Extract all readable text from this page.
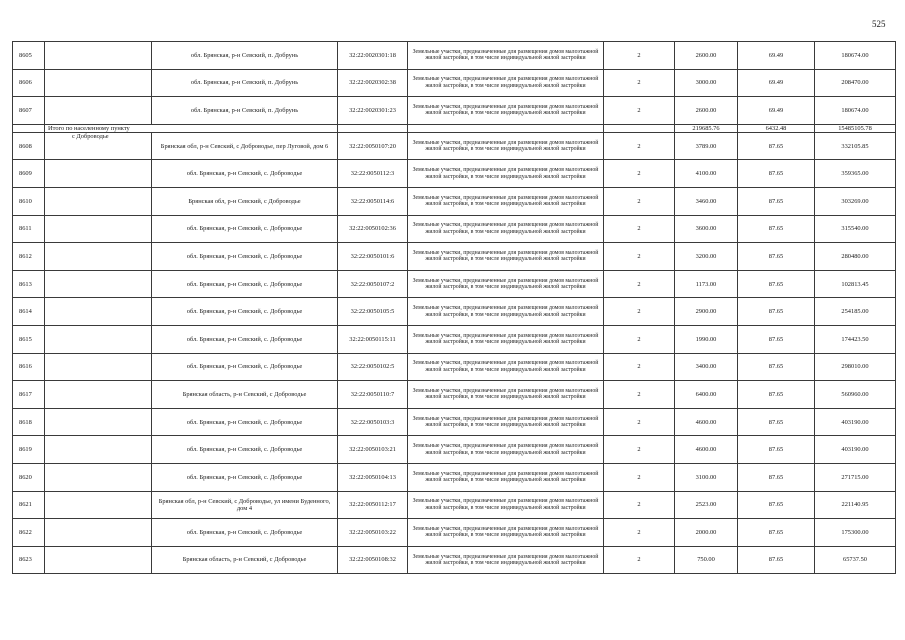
525
8605		обл. Брянская, р-н Севский, п. Добрунь	32:22:0020301:18	Земельные участки, предназначенные для размещения домов малоэтажной жилой застройки, в том числе индивидуальной жилой застройки	2	2600.00	69.49	180674.00
8606		обл. Брянская, р-н Севский, п. Добрунь	32:22:0020302:38	Земельные участки, предназначенные для размещения домов малоэтажной жилой застройки, в том числе индивидуальной жилой застройки	2	3000.00	69.49	208470.00
8607		обл. Брянская, р-н Севский, п. Добрунь	32:22:0020301:23	Земельные участки, предназначенные для размещения домов малоэтажной жилой застройки, в том числе индивидуальной жилой застройки	2	2600.00	69.49	180674.00
	Итого по населенному пункту					219685.76	6432.48	15485105.78
8608	с Доброводье	Брянская обл, р-н Севский, с Доброводье, пер Луговой, дом 6	32:22:0050107:20	Земельные участки, предназначенные для размещения домов малоэтажной жилой застройки, в том числе индивидуальной жилой застройки	2	3789.00	87.65	332105.85
8609		обл. Брянская, р-н Севский, с. Доброводье	32:22:0050112:3	Земельные участки, предназначенные для размещения домов малоэтажной жилой застройки, в том числе индивидуальной жилой застройки	2	4100.00	87.65	359365.00
8610		Брянская обл, р-н Севский, с Доброводье	32:22:0050114:6	Земельные участки, предназначенные для размещения домов малоэтажной жилой застройки, в том числе индивидуальной жилой застройки	2	3460.00	87.65	303269.00
8611		обл. Брянская, р-н Севский, с. Доброводье	32:22:0050102:36	Земельные участки, предназначенные для размещения домов малоэтажной жилой застройки, в том числе индивидуальной жилой застройки	2	3600.00	87.65	315540.00
8612		обл. Брянская, р-н Севский, с. Доброводье	32:22:0050101:6	Земельные участки, предназначенные для размещения домов малоэтажной жилой застройки, в том числе индивидуальной жилой застройки	2	3200.00	87.65	280480.00
8613		обл. Брянская, р-н Севский, с. Доброводье	32:22:0050107:2	Земельные участки, предназначенные для размещения домов малоэтажной жилой застройки, в том числе индивидуальной жилой застройки	2	1173.00	87.65	102813.45
8614		обл. Брянская, р-н Севский, с. Доброводье	32:22:0050105:5	Земельные участки, предназначенные для размещения домов малоэтажной жилой застройки, в том числе индивидуальной жилой застройки	2	2900.00	87.65	254185.00
8615		обл. Брянская, р-н Севский, с. Доброводье	32:22:0050115:11	Земельные участки, предназначенные для размещения домов малоэтажной жилой застройки, в том числе индивидуальной жилой застройки	2	1990.00	87.65	174423.50
8616		обл. Брянская, р-н Севский, с. Доброводье	32:22:0050102:5	Земельные участки, предназначенные для размещения домов малоэтажной жилой застройки, в том числе индивидуальной жилой застройки	2	3400.00	87.65	298010.00
8617		Брянская область, р-н Севский, с Доброводье	32:22:0050110:7	Земельные участки, предназначенные для размещения домов малоэтажной жилой застройки, в том числе индивидуальной жилой застройки	2	6400.00	87.65	560960.00
8618		обл. Брянская, р-н Севский, с. Доброводье	32:22:0050103:3	Земельные участки, предназначенные для размещения домов малоэтажной жилой застройки, в том числе индивидуальной жилой застройки	2	4600.00	87.65	403190.00
8619		обл. Брянская, р-н Севский, с. Доброводье	32:22:0050103:21	Земельные участки, предназначенные для размещения домов малоэтажной жилой застройки, в том числе индивидуальной жилой застройки	2	4600.00	87.65	403190.00
8620		обл. Брянская, р-н Севский, с. Доброводье	32:22:0050104:13	Земельные участки, предназначенные для размещения домов малоэтажной жилой застройки, в том числе индивидуальной жилой застройки	2	3100.00	87.65	271715.00
8621		Брянская обл, р-н Севский, с Доброводье, ул имени Буденного, дом 4	32:22:0050112:17	Земельные участки, предназначенные для размещения домов малоэтажной жилой застройки, в том числе индивидуальной жилой застройки	2	2523.00	87.65	221140.95
8622		обл. Брянская, р-н Севский, с. Доброводье	32:22:0050103:22	Земельные участки, предназначенные для размещения домов малоэтажной жилой застройки, в том числе индивидуальной жилой застройки	2	2000.00	87.65	175300.00
8623		Брянская область, р-н Севский, с Доброводье	32:22:0050108:32	Земельные участки, предназначенные для размещения домов малоэтажной жилой застройки, в том числе индивидуальной жилой застройки	2	750.00	87.65	65737.50
